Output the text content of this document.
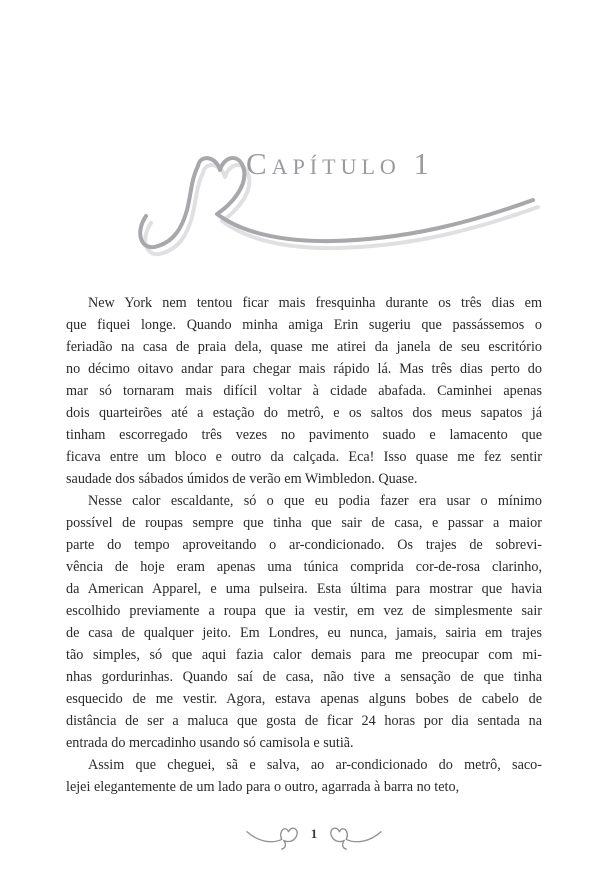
Capítulo 1
New York nem tentou ficar mais fresquinha durante os três dias em
que fiquei longe. Quando minha amiga Erin sugeriu que passássemos o
feriadão na casa de praia dela, quase me atirei da janela de seu escritório
no décimo oitavo andar para chegar mais rápido lá. Mas três dias perto do
mar só tornaram mais difícil voltar à cidade abafada. Caminhei apenas
dois quarteirões até a estação do metrô, e os saltos dos meus sapatos já
tinham escorregado três vezes no pavimento suado e lamacento que
ficava entre um bloco e outro da calçada. Eca! Isso quase me fez sentir
saudade dos sábados úmidos de verão em Wimbledon. Quase.
Nesse calor escaldante, só o que eu podia fazer era usar o mínimo
possível de roupas sempre que tinha que sair de casa, e passar a maior
parte do tempo aproveitando o ar-condicionado. Os trajes de sobrevi-
vência de hoje eram apenas uma túnica comprida cor-de-rosa clarinho,
da American Apparel, e uma pulseira. Esta última para mostrar que havia
escolhido previamente a roupa que ia vestir, em vez de simplesmente sair
de casa de qualquer jeito. Em Londres, eu nunca, jamais, sairia em trajes
tão simples, só que aqui fazia calor demais para me preocupar com mi-
nhas gordurinhas. Quando saí de casa, não tive a sensação de que tinha
esquecido de me vestir. Agora, estava apenas alguns bobes de cabelo de
distância de ser a maluca que gosta de ficar 24 horas por dia sentada na
entrada do mercadinho usando só camisola e sutiã.
Assim que cheguei, sã e salva, ao ar-condicionado do metrô, saco-
lejei elegantemente de um lado para o outro, agarrada à barra no teto,
1
